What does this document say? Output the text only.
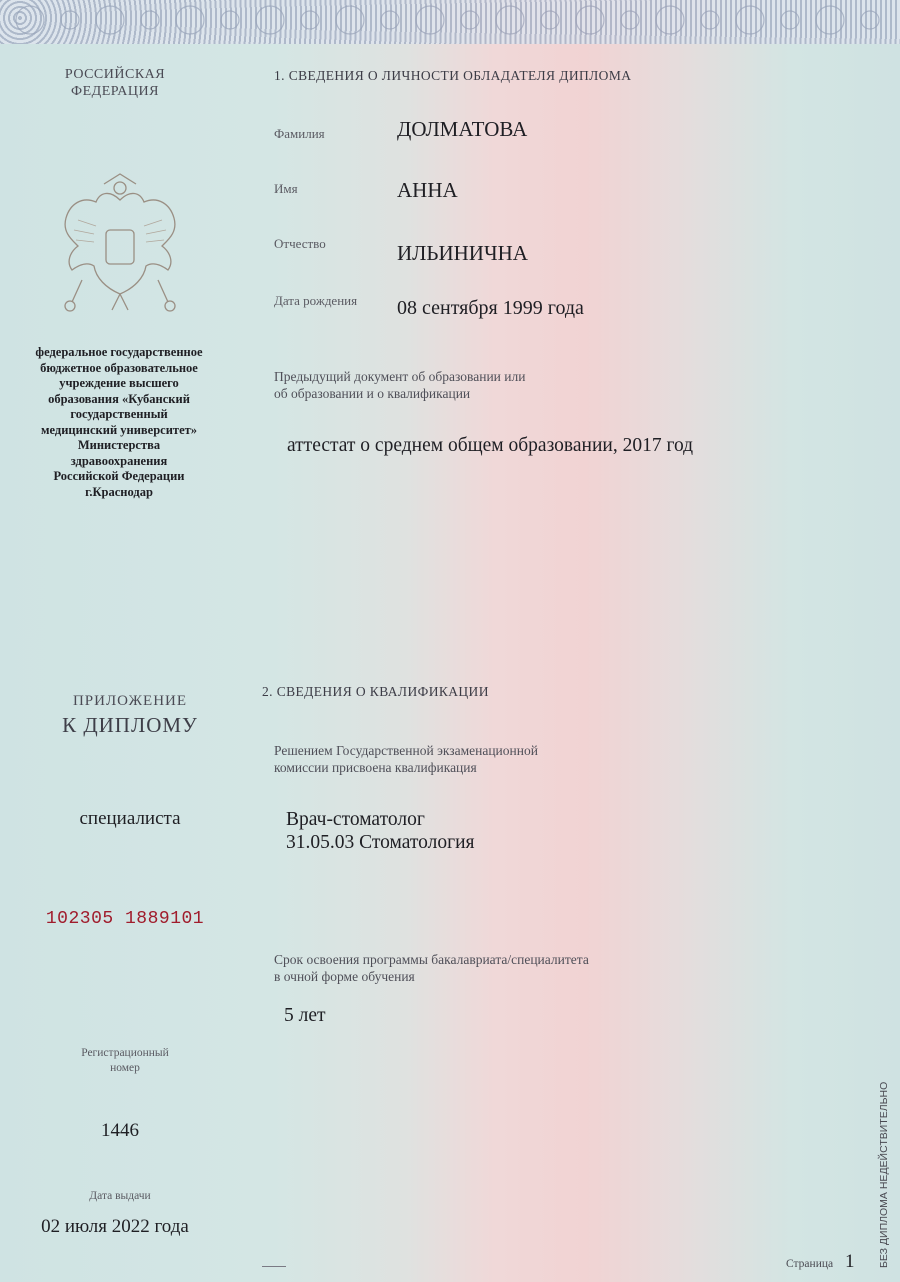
РОССИЙСКАЯ
ФЕДЕРАЦИЯ
федеральное государственное
бюджетное образовательное
учреждение высшего
образования «Кубанский
государственный
медицинский университет»
Министерства
здравоохранения
Российской Федерации
г.Краснодар
ПРИЛОЖЕНИЕ
К ДИПЛОМУ
специалиста
102305 1889101
Регистрационный
номер
1446
Дата выдачи
02 июля 2022 года
1. СВЕДЕНИЯ О ЛИЧНОСТИ ОБЛАДАТЕЛЯ ДИПЛОМА
Фамилия	ДОЛМАТОВА
Имя	АННА
Отчество	ИЛЬИНИЧНА
Дата рождения 08 сентября 1999 года
Предыдущий документ об образовании или
об образовании и о квалификации
аттестат о среднем общем образовании, 2017 год
2. СВЕДЕНИЯ О КВАЛИФИКАЦИИ
Решением Государственной экзаменационной
комиссии присвоена квалификация
Врач-стоматолог
31.05.03 Стоматология
Срок освоения программы бакалавриата/специалитета
в очной форме обучения
5 лет
Страница 1 БЕЗ ДИПЛОМА НЕДЕЙСТВИТЕЛЬНО
